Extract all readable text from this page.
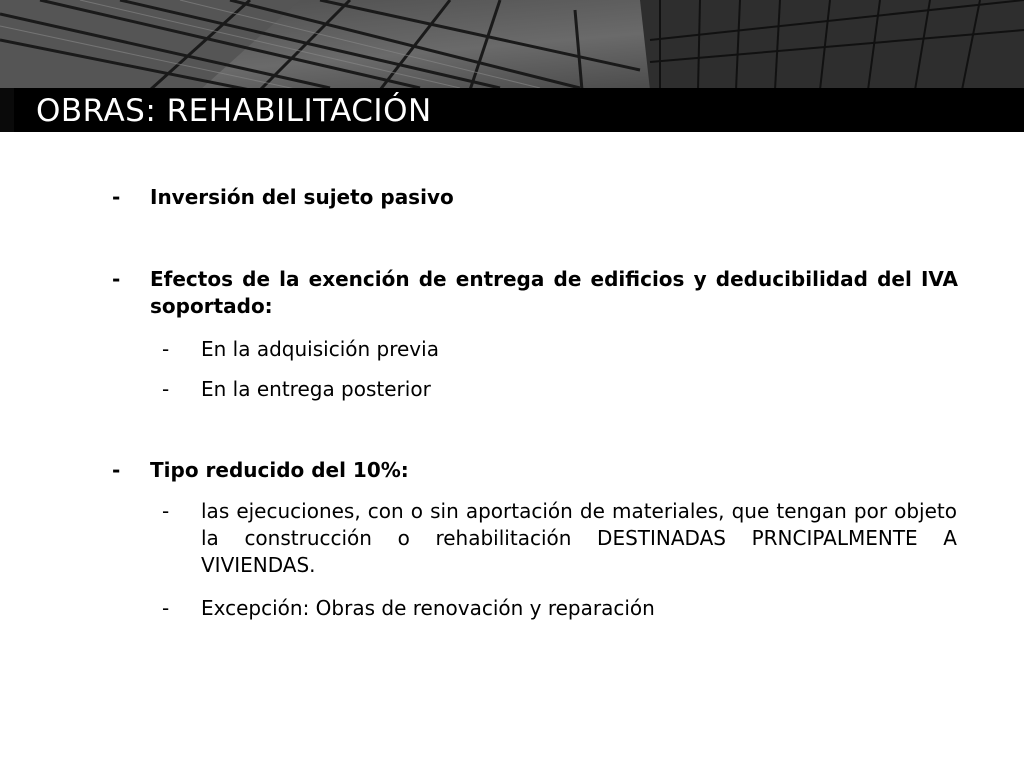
OBRAS: REHABILITACIÓN
- Inversión del sujeto pasivo
- Efectos de la exención de entrega de edificios y deducibilidad del IVA soportado:
- En la adquisición previa
- En la entrega posterior
- Tipo reducido del 10%:
- las ejecuciones, con o sin aportación de materiales, que tengan por objeto la construcción o rehabilitación DESTINADAS PRNCIPALMENTE A VIVIENDAS.
- Excepción: Obras de renovación y reparación
